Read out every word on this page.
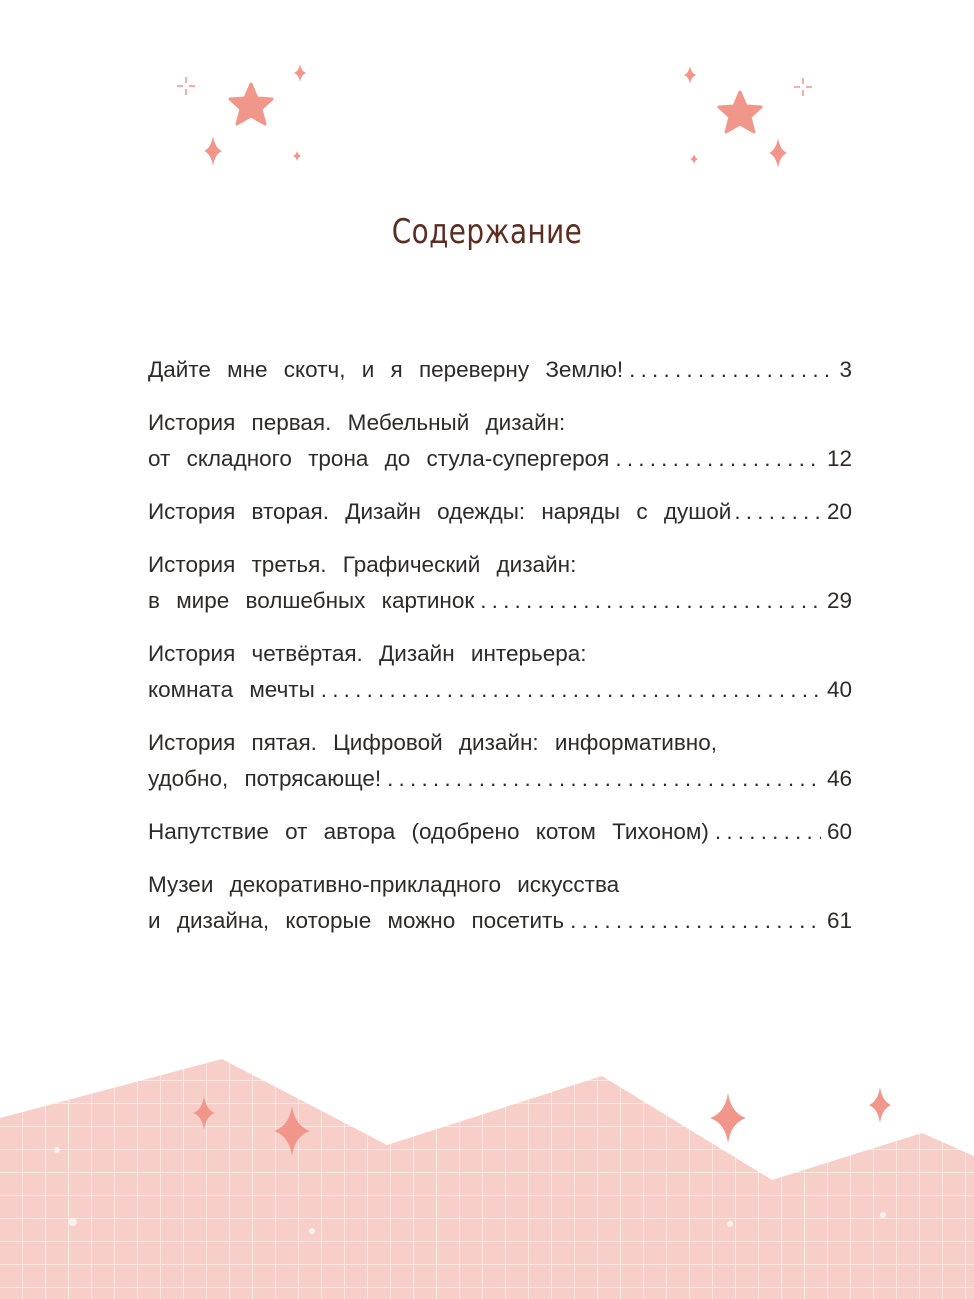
Содержание
Дайте мне скотч, и я переверну Землю! .....	3
История первая. Мебельный дизайн:
от складного трона до стула-супергероя .....	12
История вторая. Дизайн одежды: наряды с душой .....	20
История третья. Графический дизайн:
в мире волшебных картинок .....	29
История четвёртая. Дизайн интерьера:
комната мечты .....	40
История пятая. Цифровой дизайн: информативно,
удобно, потрясающе! .....	46
Напутствие от автора (одобрено котом Тихоном) .....	60
Музеи декоративно-прикладного искусства
и дизайна, которые можно посетить .....	61
